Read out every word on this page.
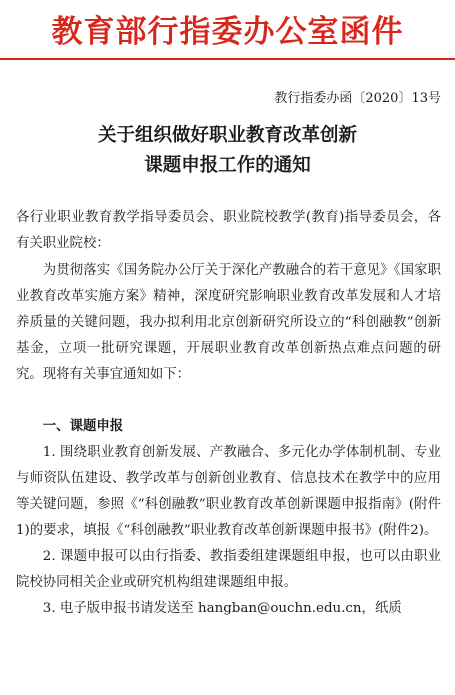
教育部行指委办公室函件
教行指委办函〔2020〕13号
关于组织做好职业教育改革创新
课题申报工作的通知

各行业职业教育教学指导委员会、职业院校教学(教育)指导委员会，各有关职业院校：

为贯彻落实《国务院办公厅关于深化产教融合的若干意见》《国家职业教育改革实施方案》精神，深度研究影响职业教育改革发展和人才培养质量的关键问题，我办拟利用北京创新研究所设立的“科创融教”创新基金，立项一批研究课题，开展职业教育改革创新热点难点问题的研究。现将有关事宜通知如下：

一、课题申报

1. 围绕职业教育创新发展、产教融合、多元化办学体制机制、专业与师资队伍建设、教学改革与创新创业教育、信息技术在教学中的应用等关键问题，参照《“科创融教”职业教育改革创新课题申报指南》(附件1)的要求，填报《“科创融教”职业教育改革创新课题申报书》(附件2)。

2. 课题申报可以由行指委、教指委组建课题组申报，也可以由职业院校协同相关企业或研究机构组建课题组申报。

3. 电子版申报书请发送至 hangban@ouchn.edu.cn，纸质
